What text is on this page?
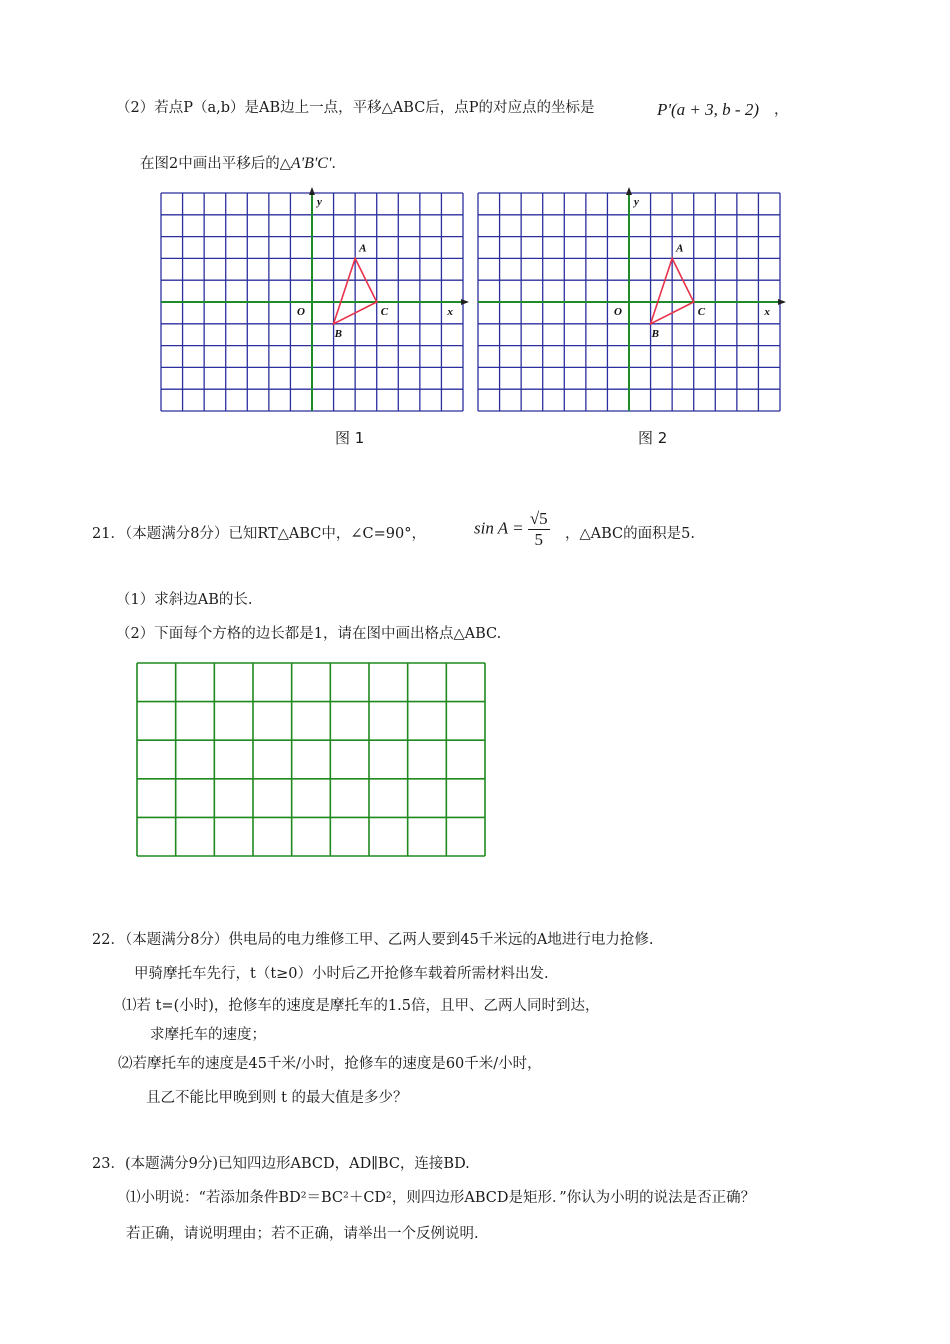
（2）若点P（a,b）是AB边上一点，平移△ABC后，点P的对应点的坐标是	P'(a + 3, b - 2) ，
在图2中画出平移后的△A'B'C'.
y
x
O
A
B
C
y
x
O
A
B
C
图 1	图 2
21．（本题满分8分）已知RT△ABC中，∠C=90°，	$\sin A = \frac{√5}{5}$ ，△ABC的面积是5.
（1）求斜边AB的长.
（2）下面每个方格的边长都是1，请在图中画出格点△ABC.
22．（本题满分8分）供电局的电力维修工甲、乙两人要到45千米远的A地进行电力抢修.
甲骑摩托车先行，t（t≥0）小时后乙开抢修车载着所需材料出发.
⑴若 t=(小时)，抢修车的速度是摩托车的1.5倍，且甲、乙两人同时到达，
求摩托车的速度；
⑵若摩托车的速度是45千米/小时，抢修车的速度是60千米/小时，
且乙不能比甲晚到则 t 的最大值是多少？
23．(本题满分9分)已知四边形ABCD，AD∥BC，连接BD.
⑴小明说：“若添加条件BD²＝BC²＋CD²，则四边形ABCD是矩形．”你认为小明的说法是否正确？
若正确，请说明理由；若不正确，请举出一个反例说明.
